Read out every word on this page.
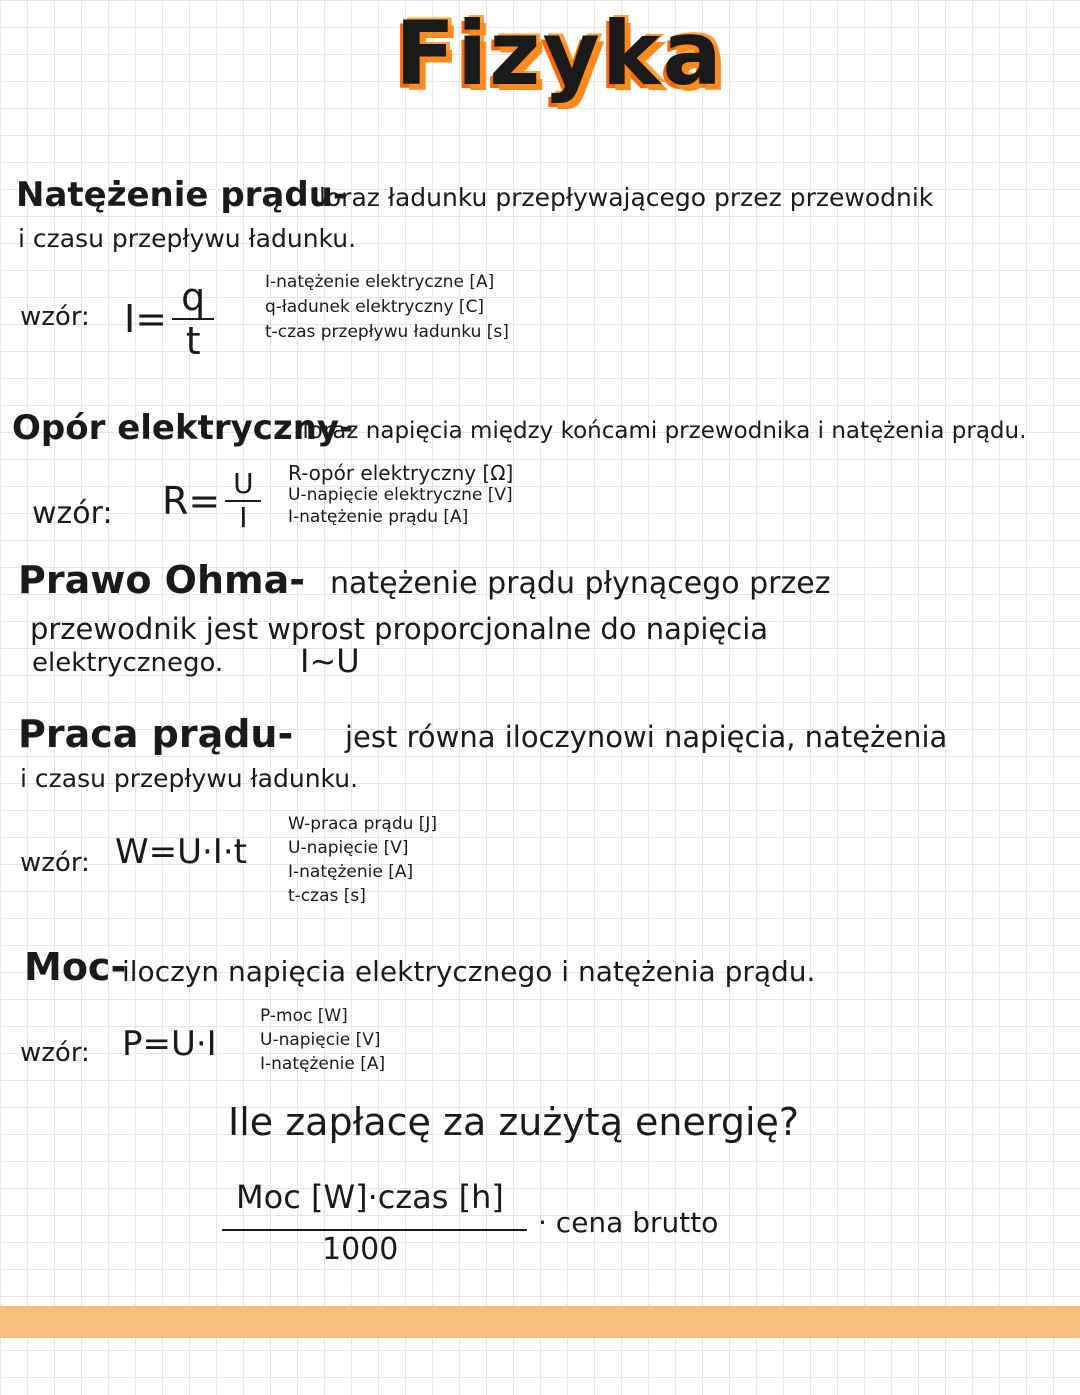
Fizyka
Natężenie prądu-
iloraz ładunku przepływającego przez przewodnik
i czasu przepływu ładunku.
wzór: $I= \frac{q}{t}$	I-natężenie elektryczne [A]
q-ładunek elektryczny [C]
t-czas przepływu ładunku [s]
Opór elektryczny-
iloraz napięcia między końcami przewodnika i natężenia prądu.
wzór: $R= \frac{U}{I}$ R-opór elektryczny [Ω]
U-napięcie elektryczne [V]
I-natężenie prądu [A]
Prawo Ohma- natężenie prądu płynącego przez
przewodnik jest wprost proporcjonalne do napięcia
elektrycznego. I~U
Praca prądu- jest równa iloczynowi napięcia, natężenia
i czasu przepływu ładunku.
wzór: W=U·I·t
W-praca prądu [J]
U-napięcie [V]
I-natężenie [A]
t-czas [s]
Moc-
iloczyn napięcia elektrycznego i natężenia prądu.
wzór: P=U·I
P-moc [W]
U-napięcie [V]
I-natężenie [A]
Ile zapłacę za zużytą energię?
Moc [W]·czas [h]
1000
· cena brutto
